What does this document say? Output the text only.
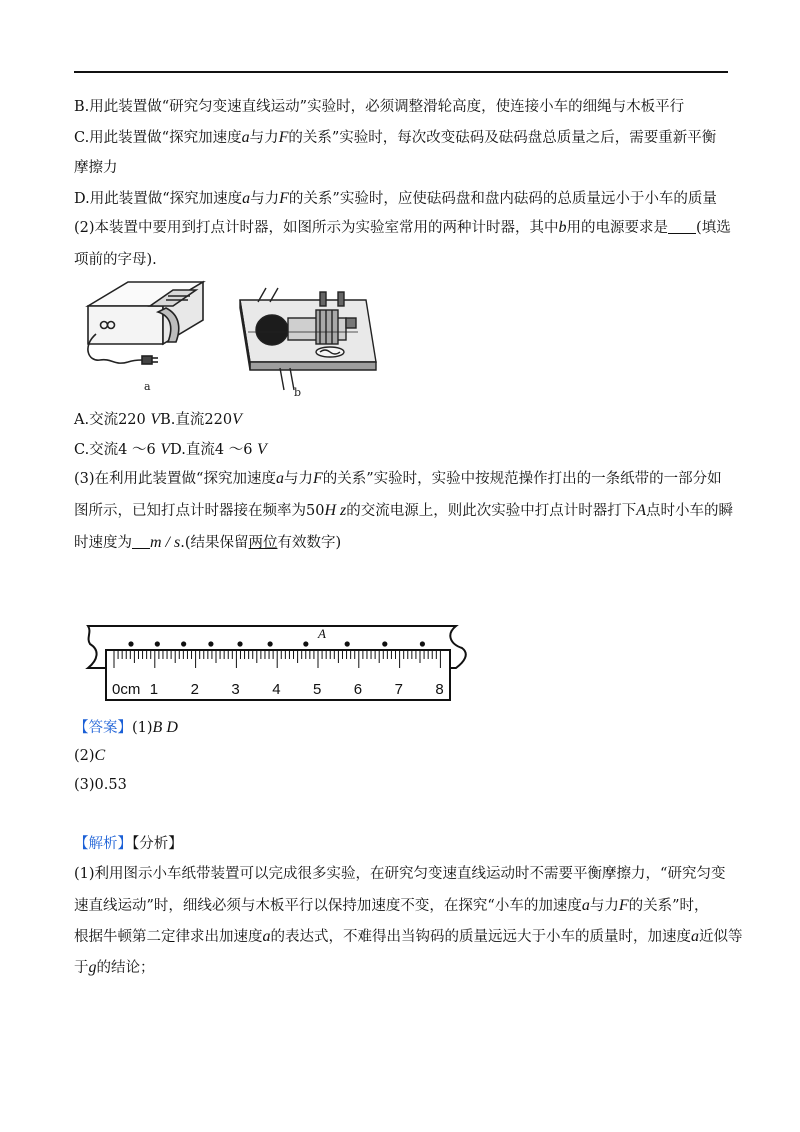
B.用此装置做“研究匀变速直线运动”实验时，必须调整滑轮高度，使连接小车的细绳与木板平行
C.用此装置做“探究加速度a与力F的关系”实验时，每次改变砝码及砝码盘总质量之后，需要重新平衡
摩擦力
D.用此装置做“探究加速度a与力F的关系”实验时，应使砝码盘和盘内砝码的总质量远小于小车的质量
(2)本装置中要用到打点计时器，如图所示为实验室常用的两种计时器，其中b用的电源要求是 (填选
项前的字母).
a	b
A.交流220 VB.直流220V
C.交流4 ～6 VD.直流4 ～6 V
(3)在利用此装置做“探究加速度a与力F的关系”实验时，实验中按规范操作打出的一条纸带的一部分如
图所示，已知打点计时器接在频率为50H z的交流电源上，则此次实验中打点计时器打下A点时小车的瞬
时速度为 m / s.(结果保留两位有效数字)
A
0cm 1 2 3 4 5 6 7 8
【答案】(1)B D
(2)C
(3)0.53
【解析】【分析】
(1)利用图示小车纸带装置可以完成很多实验，在研究匀变速直线运动时不需要平衡摩擦力，“研究匀变
速直线运动”时，细线必须与木板平行以保持加速度不变，在探究“小车的加速度a与力F的关系”时，
根据牛顿第二定律求出加速度a的表达式，不难得出当钩码的质量远远大于小车的质量时，加速度a近似等
于g的结论；
